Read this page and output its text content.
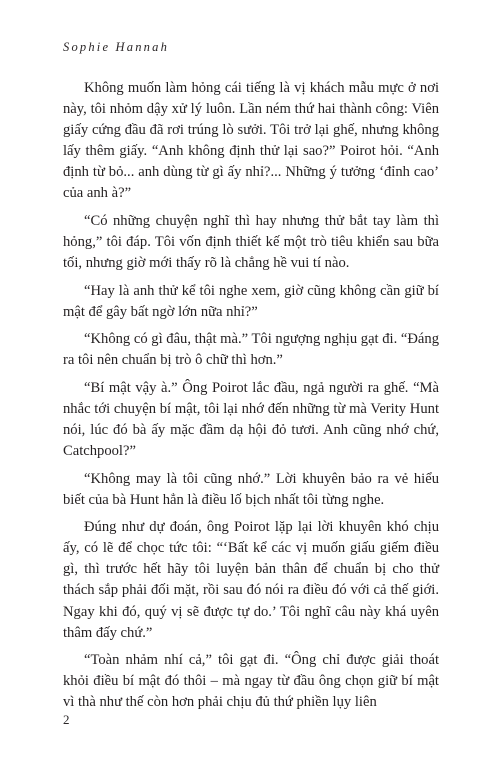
Sophie Hannah

Không muốn làm hỏng cái tiếng là vị khách mẫu mực ở nơi này, tôi nhỏm dậy xử lý luôn. Lần ném thứ hai thành công: Viên giấy cứng đầu đã rơi trúng lò sưởi. Tôi trở lại ghế, nhưng không lấy thêm giấy. “Anh không định thử lại sao?” Poirot hỏi. “Anh định từ bỏ... anh dùng từ gì ấy nhỉ?... Những ý tưởng ‘đỉnh cao’ của anh à?”

“Có những chuyện nghĩ thì hay nhưng thử bắt tay làm thì hỏng,” tôi đáp. Tôi vốn định thiết kế một trò tiêu khiển sau bữa tối, nhưng giờ mới thấy rõ là chẳng hề vui tí nào.

“Hay là anh thử kể tôi nghe xem, giờ cũng không cần giữ bí mật để gây bất ngờ lớn nữa nhỉ?”

“Không có gì đâu, thật mà.” Tôi ngượng nghịu gạt đi. “Đáng ra tôi nên chuẩn bị trò ô chữ thì hơn.”

“Bí mật vậy à.” Ông Poirot lắc đầu, ngả người ra ghế. “Mà nhắc tới chuyện bí mật, tôi lại nhớ đến những từ mà Verity Hunt nói, lúc đó bà ấy mặc đầm dạ hội đỏ tươi. Anh cũng nhớ chứ, Catchpool?”

“Không may là tôi cũng nhớ.” Lời khuyên bảo ra vẻ hiểu biết của bà Hunt hẳn là điều lố bịch nhất tôi từng nghe.

Đúng như dự đoán, ông Poirot lặp lại lời khuyên khó chịu ấy, có lẽ để chọc tức tôi: “‘Bất kể các vị muốn giấu giếm điều gì, thì trước hết hãy tôi luyện bản thân để chuẩn bị cho thử thách sắp phải đối mặt, rồi sau đó nói ra điều đó với cả thế giới. Ngay khi đó, quý vị sẽ được tự do.’ Tôi nghĩ câu này khá uyên thâm đấy chứ.”

“Toàn nhảm nhí cả,” tôi gạt đi. “Ông chỉ được giải thoát khỏi điều bí mật đó thôi – mà ngay từ đầu ông chọn giữ bí mật vì thà như thế còn hơn phải chịu đủ thứ phiền lụy liên

2
